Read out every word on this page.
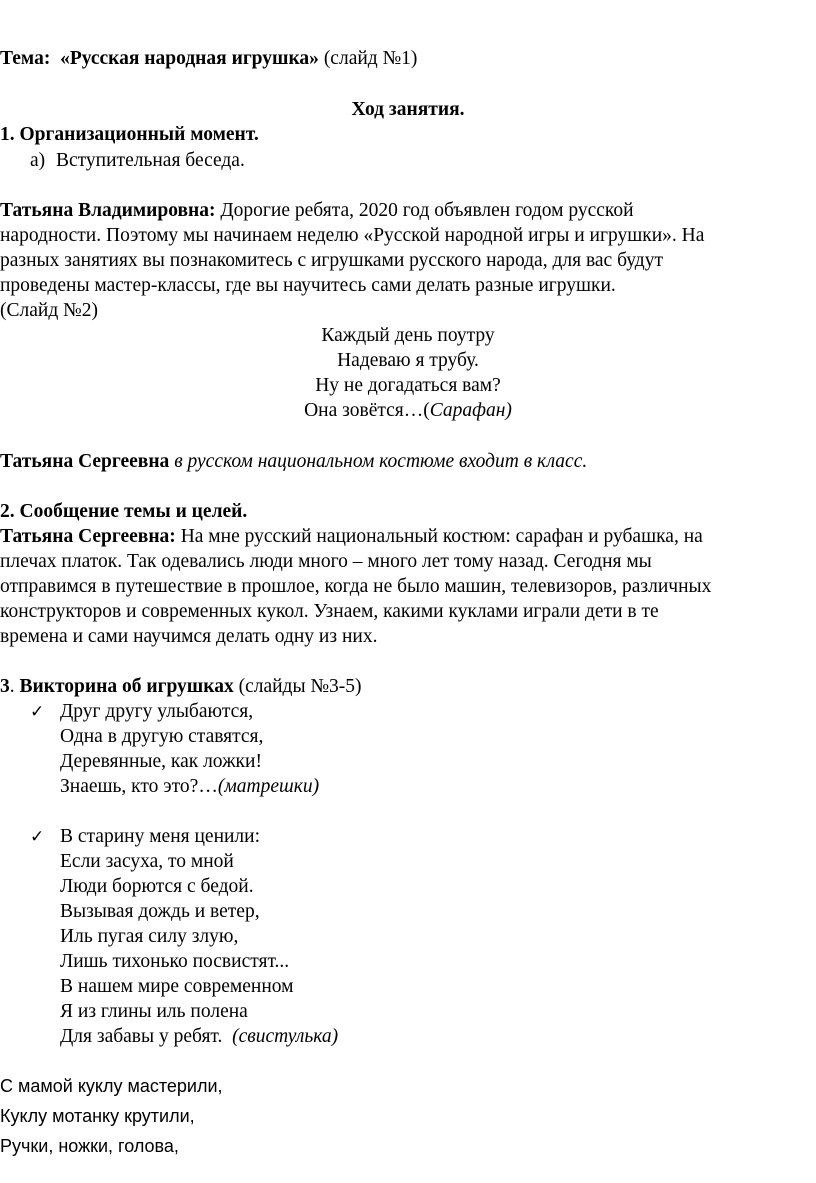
Тема: «Русская народная игрушка» (слайд №1)
Ход занятия.
1. Организационный момент.
а) Вступительная беседа.
Татьяна Владимировна: Дорогие ребята, 2020 год объявлен годом русской
народности. Поэтому мы начинаем неделю «Русской народной игры и игрушки». На
разных занятиях вы познакомитесь с игрушками русского народа, для вас будут
проведены мастер-классы, где вы научитесь сами делать разные игрушки.
(Слайд №2)
Каждый день поутру
Надеваю я трубу.
Ну не догадаться вам?
Она зовётся…(Сарафан)
Татьяна Сергеевна в русском национальном костюме входит в класс.
2. Сообщение темы и целей.
Татьяна Сергеевна: На мне русский национальный костюм: сарафан и рубашка, на
плечах платок. Так одевались люди много – много лет тому назад. Сегодня мы
отправимся в путешествие в прошлое, когда не было машин, телевизоров, различных
конструкторов и современных кукол. Узнаем, какими куклами играли дети в те
времена и сами научимся делать одну из них.
3. Викторина об игрушках (слайды №3-5)
✓ Друг другу улыбаются,
Одна в другую ставятся,
Деревянные, как ложки!
Знаешь, кто это?…(матрешки)
✓ В старину меня ценили:
Если засуха, то мной
Люди борются с бедой.
Вызывая дождь и ветер,
Иль пугая силу злую,
Лишь тихонько посвистят...
В нашем мире современном
Я из глины иль полена
Для забавы у ребят.  (свистулька)
С мамой куклу мастерили,
Куклу мотанку крутили,
Ручки, ножки, голова,
